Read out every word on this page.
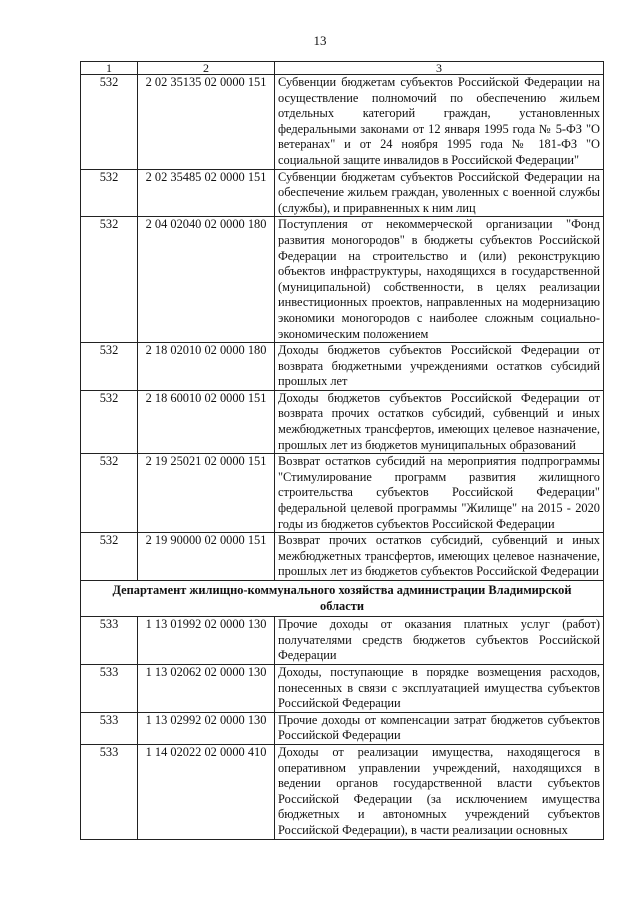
13
1	2	3
532	2 02 35135 02 0000 151	Субвенции бюджетам субъектов Российской Федерации на осуществление полномочий по обеспечению жильем отдельных категорий граждан, установленных федеральными законами от 12 января 1995 года № 5-ФЗ "О ветеранах" и от 24 ноября 1995 года № 181-ФЗ "О социальной защите инвалидов в Российской Федерации"
532	2 02 35485 02 0000 151	Субвенции бюджетам субъектов Российской Федерации на обеспечение жильем граждан, уволенных с военной службы (службы), и приравненных к ним лиц
532	2 04 02040 02 0000 180	Поступления от некоммерческой организации "Фонд развития моногородов" в бюджеты субъектов Российской Федерации на строительство и (или) реконструкцию объектов инфраструктуры, находящихся в государственной (муниципальной) собственности, в целях реализации инвестиционных проектов, направленных на модернизацию экономики моногородов с наиболее сложным социально-экономическим положением
532	2 18 02010 02 0000 180	Доходы бюджетов субъектов Российской Федерации от возврата бюджетными учреждениями остатков субсидий прошлых лет
532	2 18 60010 02 0000 151	Доходы бюджетов субъектов Российской Федерации от возврата прочих остатков субсидий, субвенций и иных межбюджетных трансфертов, имеющих целевое назначение, прошлых лет из бюджетов муниципальных образований
532	2 19 25021 02 0000 151	Возврат остатков субсидий на мероприятия подпрограммы "Стимулирование программ развития жилищного строительства субъектов Российской Федерации" федеральной целевой программы "Жилище" на 2015 - 2020 годы из бюджетов субъектов Российской Федерации
532	2 19 90000 02 0000 151	Возврат прочих остатков субсидий, субвенций и иных межбюджетных трансфертов, имеющих целевое назначение, прошлых лет из бюджетов субъектов Российской Федерации
Департамент жилищно-коммунального хозяйства администрации Владимирской области		
533	1 13 01992 02 0000 130	Прочие доходы от оказания платных услуг (работ) получателями средств бюджетов субъектов Российской Федерации
533	1 13 02062 02 0000 130	Доходы, поступающие в порядке возмещения расходов, понесенных в связи с эксплуатацией имущества субъектов Российской Федерации
533	1 13 02992 02 0000 130	Прочие доходы от компенсации затрат бюджетов субъектов Российской Федерации
533	1 14 02022 02 0000 410	Доходы от реализации имущества, находящегося в оперативном управлении учреждений, находящихся в ведении органов государственной власти субъектов Российской Федерации (за исключением имущества бюджетных и автономных учреждений субъектов Российской Федерации), в части реализации основных
